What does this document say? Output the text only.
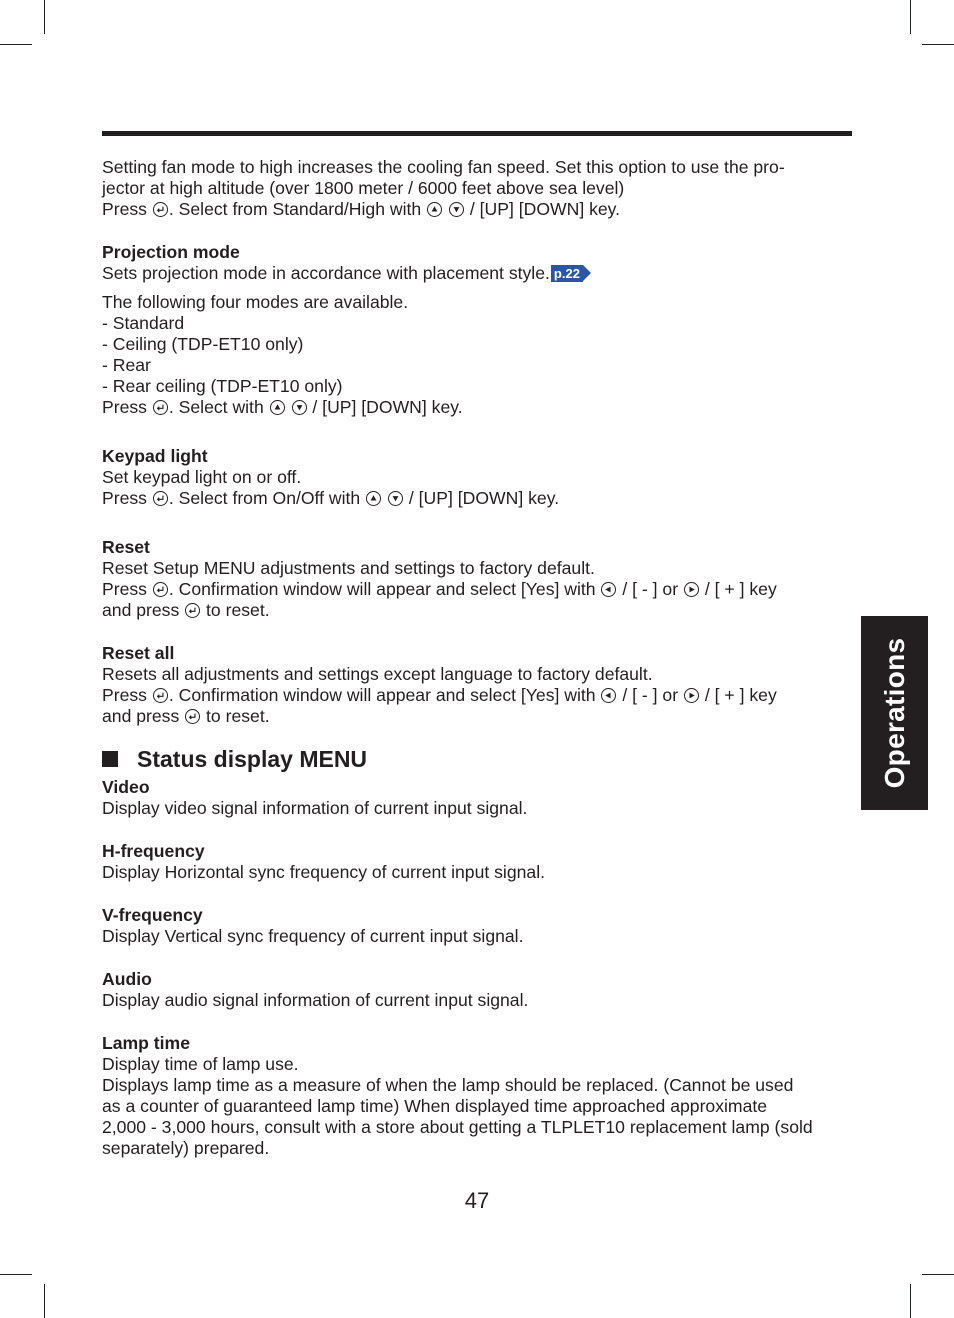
Setting fan mode to high increases the cooling fan speed. Set this option to use the pro-

jector at high altitude (over 1800 meter / 6000 feet above sea level)

Press . Select from Standard/High with
	/ [UP] [DOWN] key.

Projection mode

Sets projection mode in accordance with placement style. p.22

The following four modes are available.

- Standard

- Ceiling (TDP-ET10 only)

- Rear

- Rear ceiling (TDP-ET10 only)

Press . Select with
	/ [UP] [DOWN] key.

Keypad light

Set keypad light on or off.

Press . Select from On/Off with
	/ [UP] [DOWN] key.

Reset

Reset Setup MENU adjustments and settings to factory default.

Press . Confirmation window will appear and select [Yes] with / [ - ] or / [ + ] key

and press to reset.

Reset all

Resets all adjustments and settings except language to factory default.

Press . Confirmation window will appear and select [Yes] with / [ - ] or / [ + ] key

and press to reset.

Status display MENU

Video

Display video signal information of current input signal.

H-frequency

Display Horizontal sync frequency of current input signal.

V-frequency

Display Vertical sync frequency of current input signal.

Audio

Display audio signal information of current input signal.

Lamp time

Display time of lamp use.

Displays lamp time as a measure of when the lamp should be replaced. (Cannot be used

as a counter of guaranteed lamp time) When displayed time approached approximate

2,000 - 3,000 hours, consult with a store about getting a TLPLET10 replacement lamp (sold

separately) prepared.

Operations
47
